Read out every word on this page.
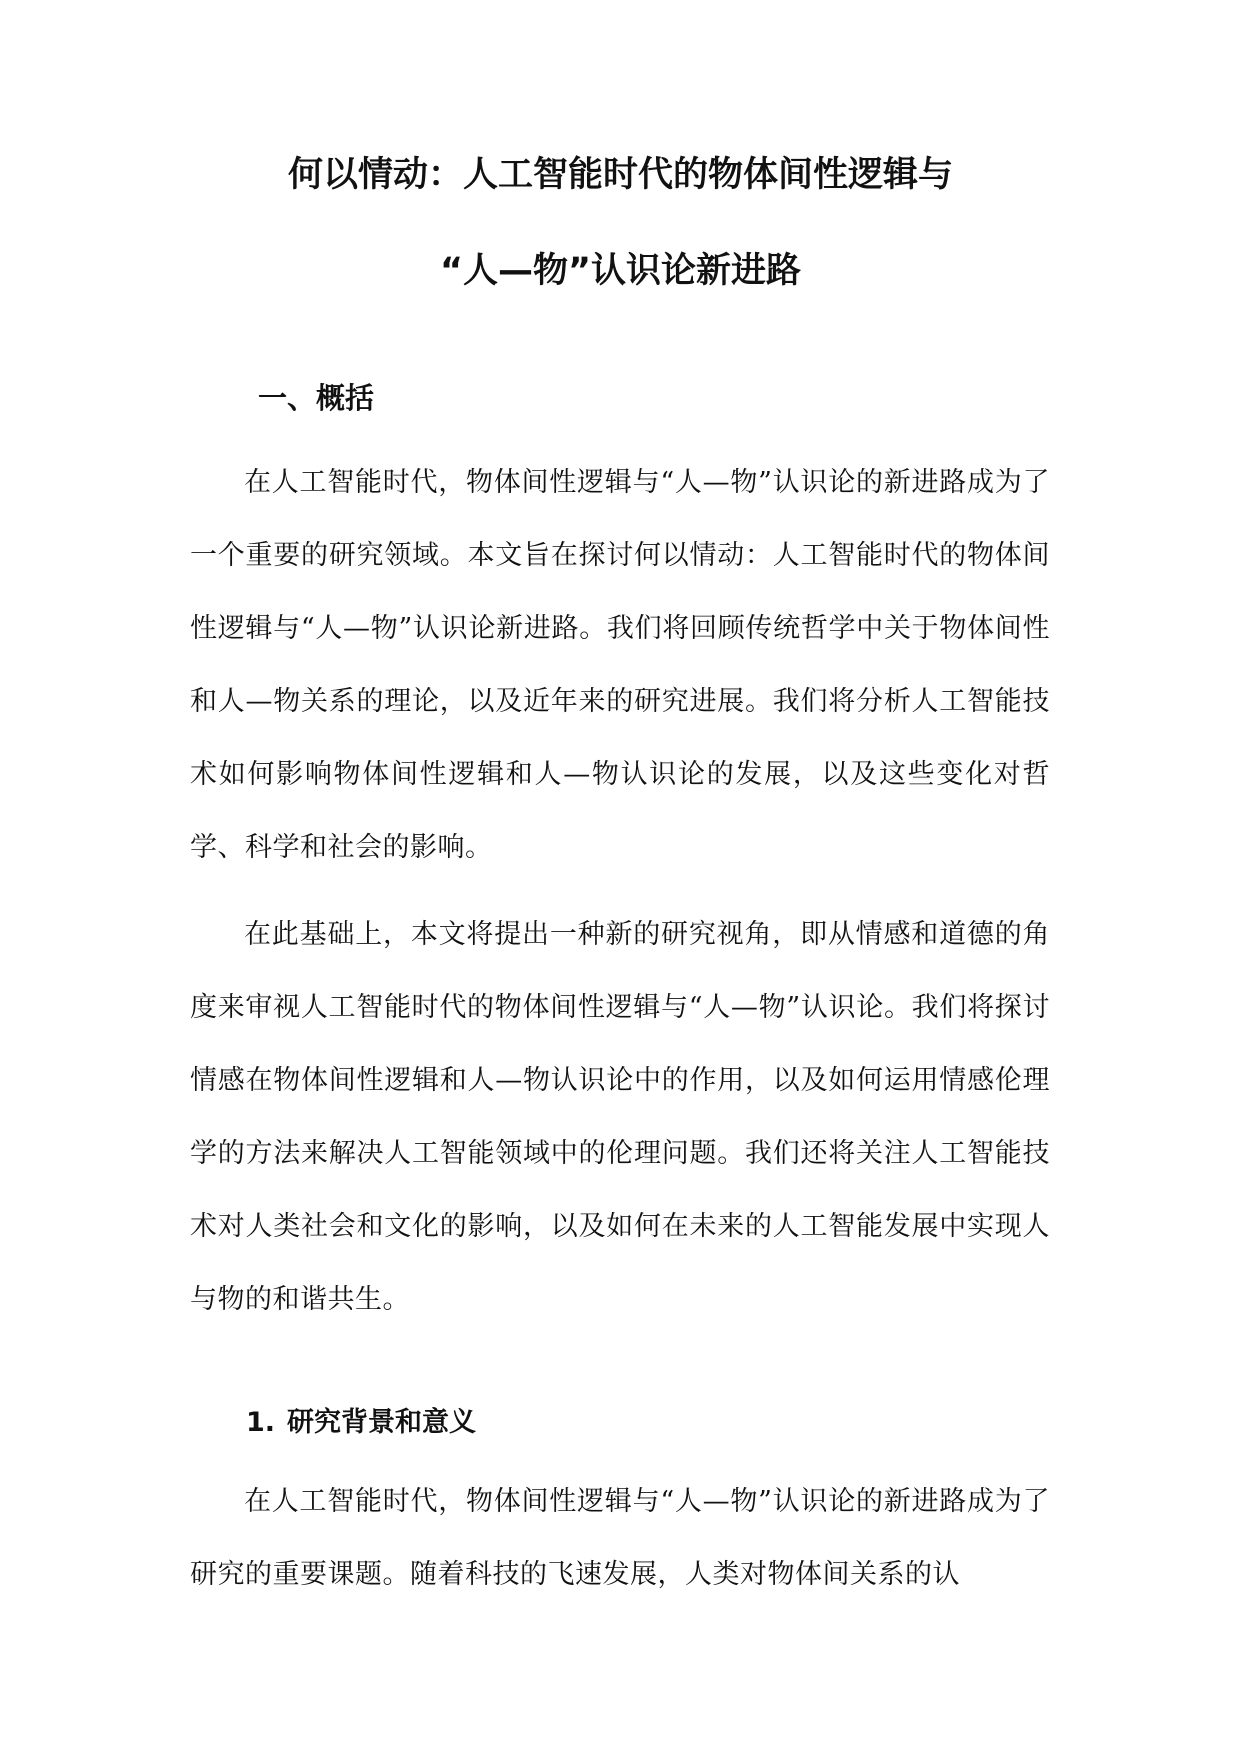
何以情动：人工智能时代的物体间性逻辑与
“人—物”认识论新进路
一、概括

在人工智能时代，物体间性逻辑与“人—物”认识论的新进路成为了一个重要的研究领域。本文旨在探讨何以情动：人工智能时代的物体间性逻辑与“人—物”认识论新进路。我们将回顾传统哲学中关于物体间性和人—物关系的理论，以及近年来的研究进展。我们将分析人工智能技术如何影响物体间性逻辑和人—物认识论的发展，以及这些变化对哲学、科学和社会的影响。

在此基础上，本文将提出一种新的研究视角，即从情感和道德的角度来审视人工智能时代的物体间性逻辑与“人—物”认识论。我们将探讨情感在物体间性逻辑和人—物认识论中的作用，以及如何运用情感伦理学的方法来解决人工智能领域中的伦理问题。我们还将关注人工智能技术对人类社会和文化的影响，以及如何在未来的人工智能发展中实现人与物的和谐共生。

1. 研究背景和意义

在人工智能时代，物体间性逻辑与“人—物”认识论的新进路成为了研究的重要课题。随着科技的飞速发展，人类对物体间关系的认
